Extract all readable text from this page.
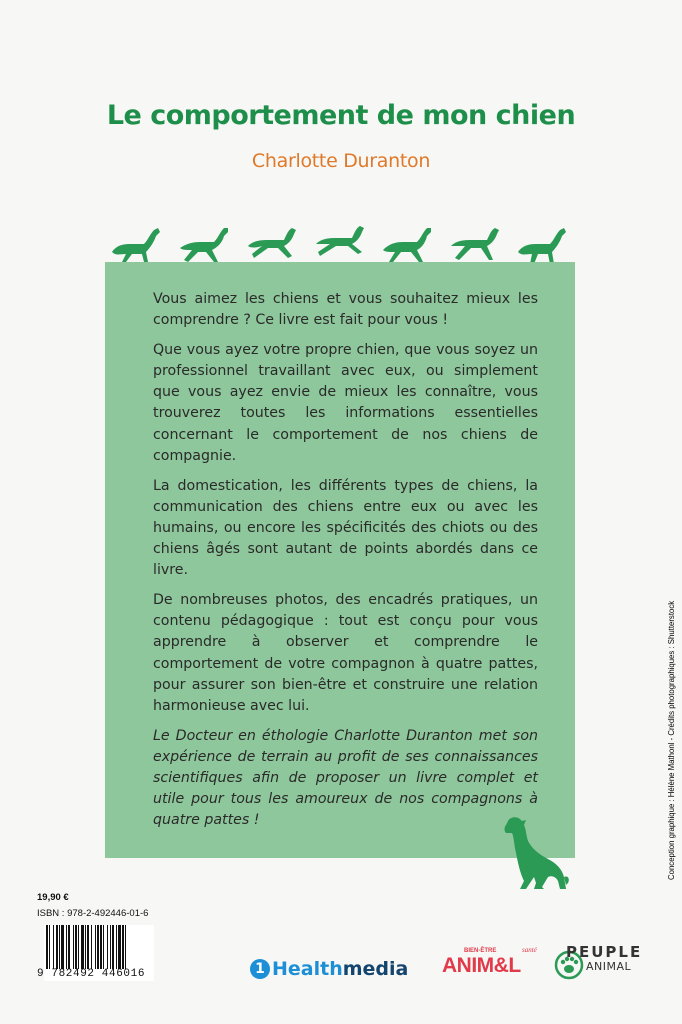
Le comportement de mon chien
Charlotte Duranton

Vous aimez les chiens et vous souhaitez mieux les comprendre ? Ce livre est fait pour vous !

Que vous ayez votre propre chien, que vous soyez un professionnel travaillant avec eux, ou simplement que vous ayez envie de mieux les connaître, vous trouverez toutes les informations essentielles concernant le comportement de nos chiens de compagnie.

La domestication, les différents types de chiens, la communication des chiens entre eux ou avec les humains, ou encore les spécificités des chiots ou des chiens âgés sont autant de points abordés dans ce livre.

De nombreuses photos, des encadrés pratiques, un contenu pédagogique : tout est conçu pour vous apprendre à observer et comprendre le comportement de votre compagnon à quatre pattes, pour assurer son bien-être et construire une relation harmonieuse avec lui.

Le Docteur en éthologie Charlotte Duranton met son expérience de terrain au profit de ses connaissances scientifiques afin de proposer un livre complet et utile pour tous les amoureux de nos compagnons à quatre pattes !

19,90 €
ISBN : 978-2-492446-01-6
9 782492 446016
Conception graphique : Hélène Mathonl - Crédits photographiques : Shutterstock
1 Health media
BIEN-ÊTRE	santé
ANIM&L
PEUPLE
ANIMAL
